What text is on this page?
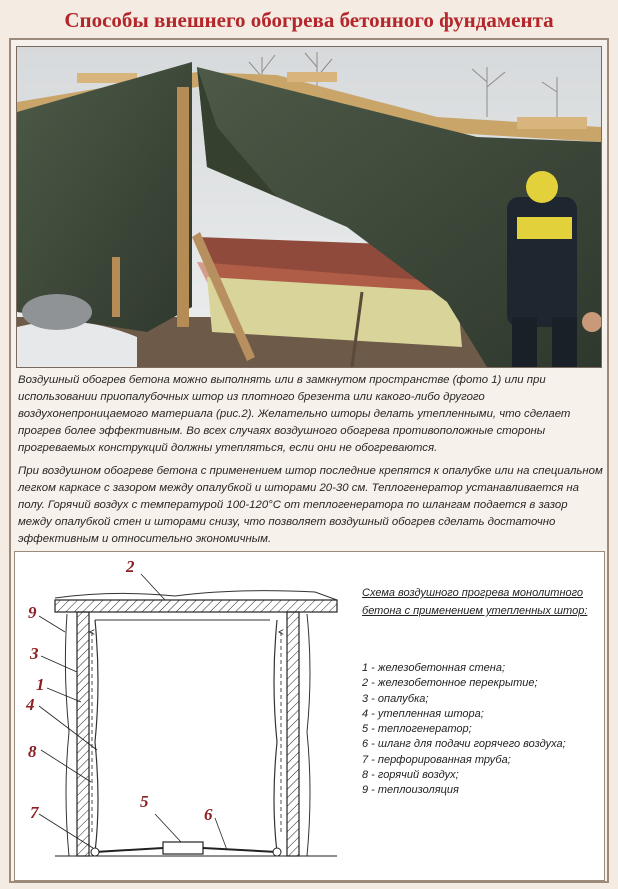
Способы внешнего обогрева бетонного фундамента
Воздушный обогрев бетона можно выполнять или в замкнутом пространстве (фото 1) или при использовании приопалубочных штор из плотного брезента или какого-либо другого воздухонепроницаемого материала (рис.2). Желательно шторы делать утепленными, что сделает прогрев более эффективным. Во всех случаях воздушного обогрева противоположные стороны прогреваемых конструкций должны утепляться, если они не обогреваются.
При воздушном обогреве бетона с применением штор последние крепятся к опалубке или на специальном легком каркасе с зазором между опалубкой и шторами 20-30 см. Теплогенератор устанавливается на полу. Горячий воздух с температурой 100-120°С от теплогенератора по шлангам подается в зазор между опалубкой стен и шторами снизу, что позволяет воздушный обогрев сделать достаточно эффективным и относительно экономичным.
2
9
3
1
4
8
7
5
6
Схема воздушного прогрева монолитного бетона с применением утепленных штор:
1 - железобетонная стена;
2 - железобетонное перекрытие;
3 - опалубка;
4 - утепленная штора;
5 - теплогенератор;
6 - шланг для подачи горячего воздуха;
7 - перфорированная труба;
8 - горячий воздух;
9 - теплоизоляция
